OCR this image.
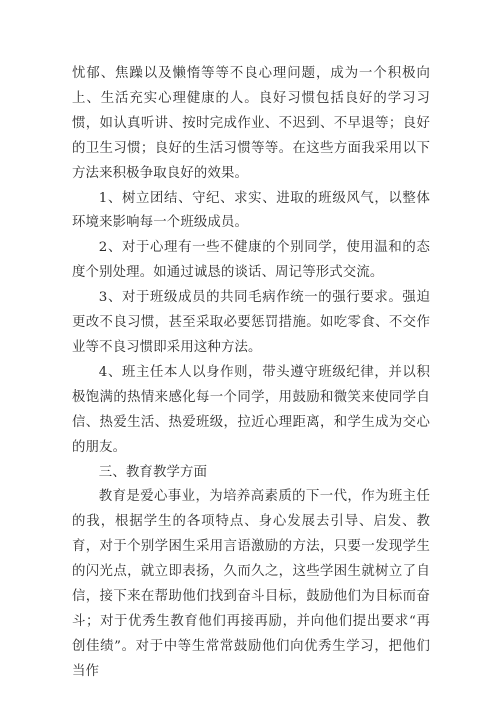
忧郁、焦躁以及懒惰等等不良心理问题，成为一个积极向上、生活充实心理健康的人。良好习惯包括良好的学习习惯，如认真听讲、按时完成作业、不迟到、不早退等；良好的卫生习惯；良好的生活习惯等等。在这些方面我采用以下方法来积极争取良好的效果。

1、树立团结、守纪、求实、进取的班级风气，以整体环境来影响每一个班级成员。

2、对于心理有一些不健康的个别同学，使用温和的态度个别处理。如通过诚恳的谈话、周记等形式交流。

3、对于班级成员的共同毛病作统一的强行要求。强迫更改不良习惯，甚至采取必要惩罚措施。如吃零食、不交作业等不良习惯即采用这种方法。

4、班主任本人以身作则，带头遵守班级纪律，并以积极饱满的热情来感化每一个同学，用鼓励和微笑来使同学自信、热爱生活、热爱班级，拉近心理距离，和学生成为交心的朋友。

三、教育教学方面

教育是爱心事业，为培养高素质的下一代，作为班主任的我，根据学生的各项特点、身心发展去引导、启发、教育，对于个别学困生采用言语激励的方法，只要一发现学生的闪光点，就立即表扬，久而久之，这些学困生就树立了自信，接下来在帮助他们找到奋斗目标，鼓励他们为目标而奋斗；对于优秀生教育他们再接再励，并向他们提出要求“再创佳绩”。对于中等生常常鼓励他们向优秀生学习，把他们当作
